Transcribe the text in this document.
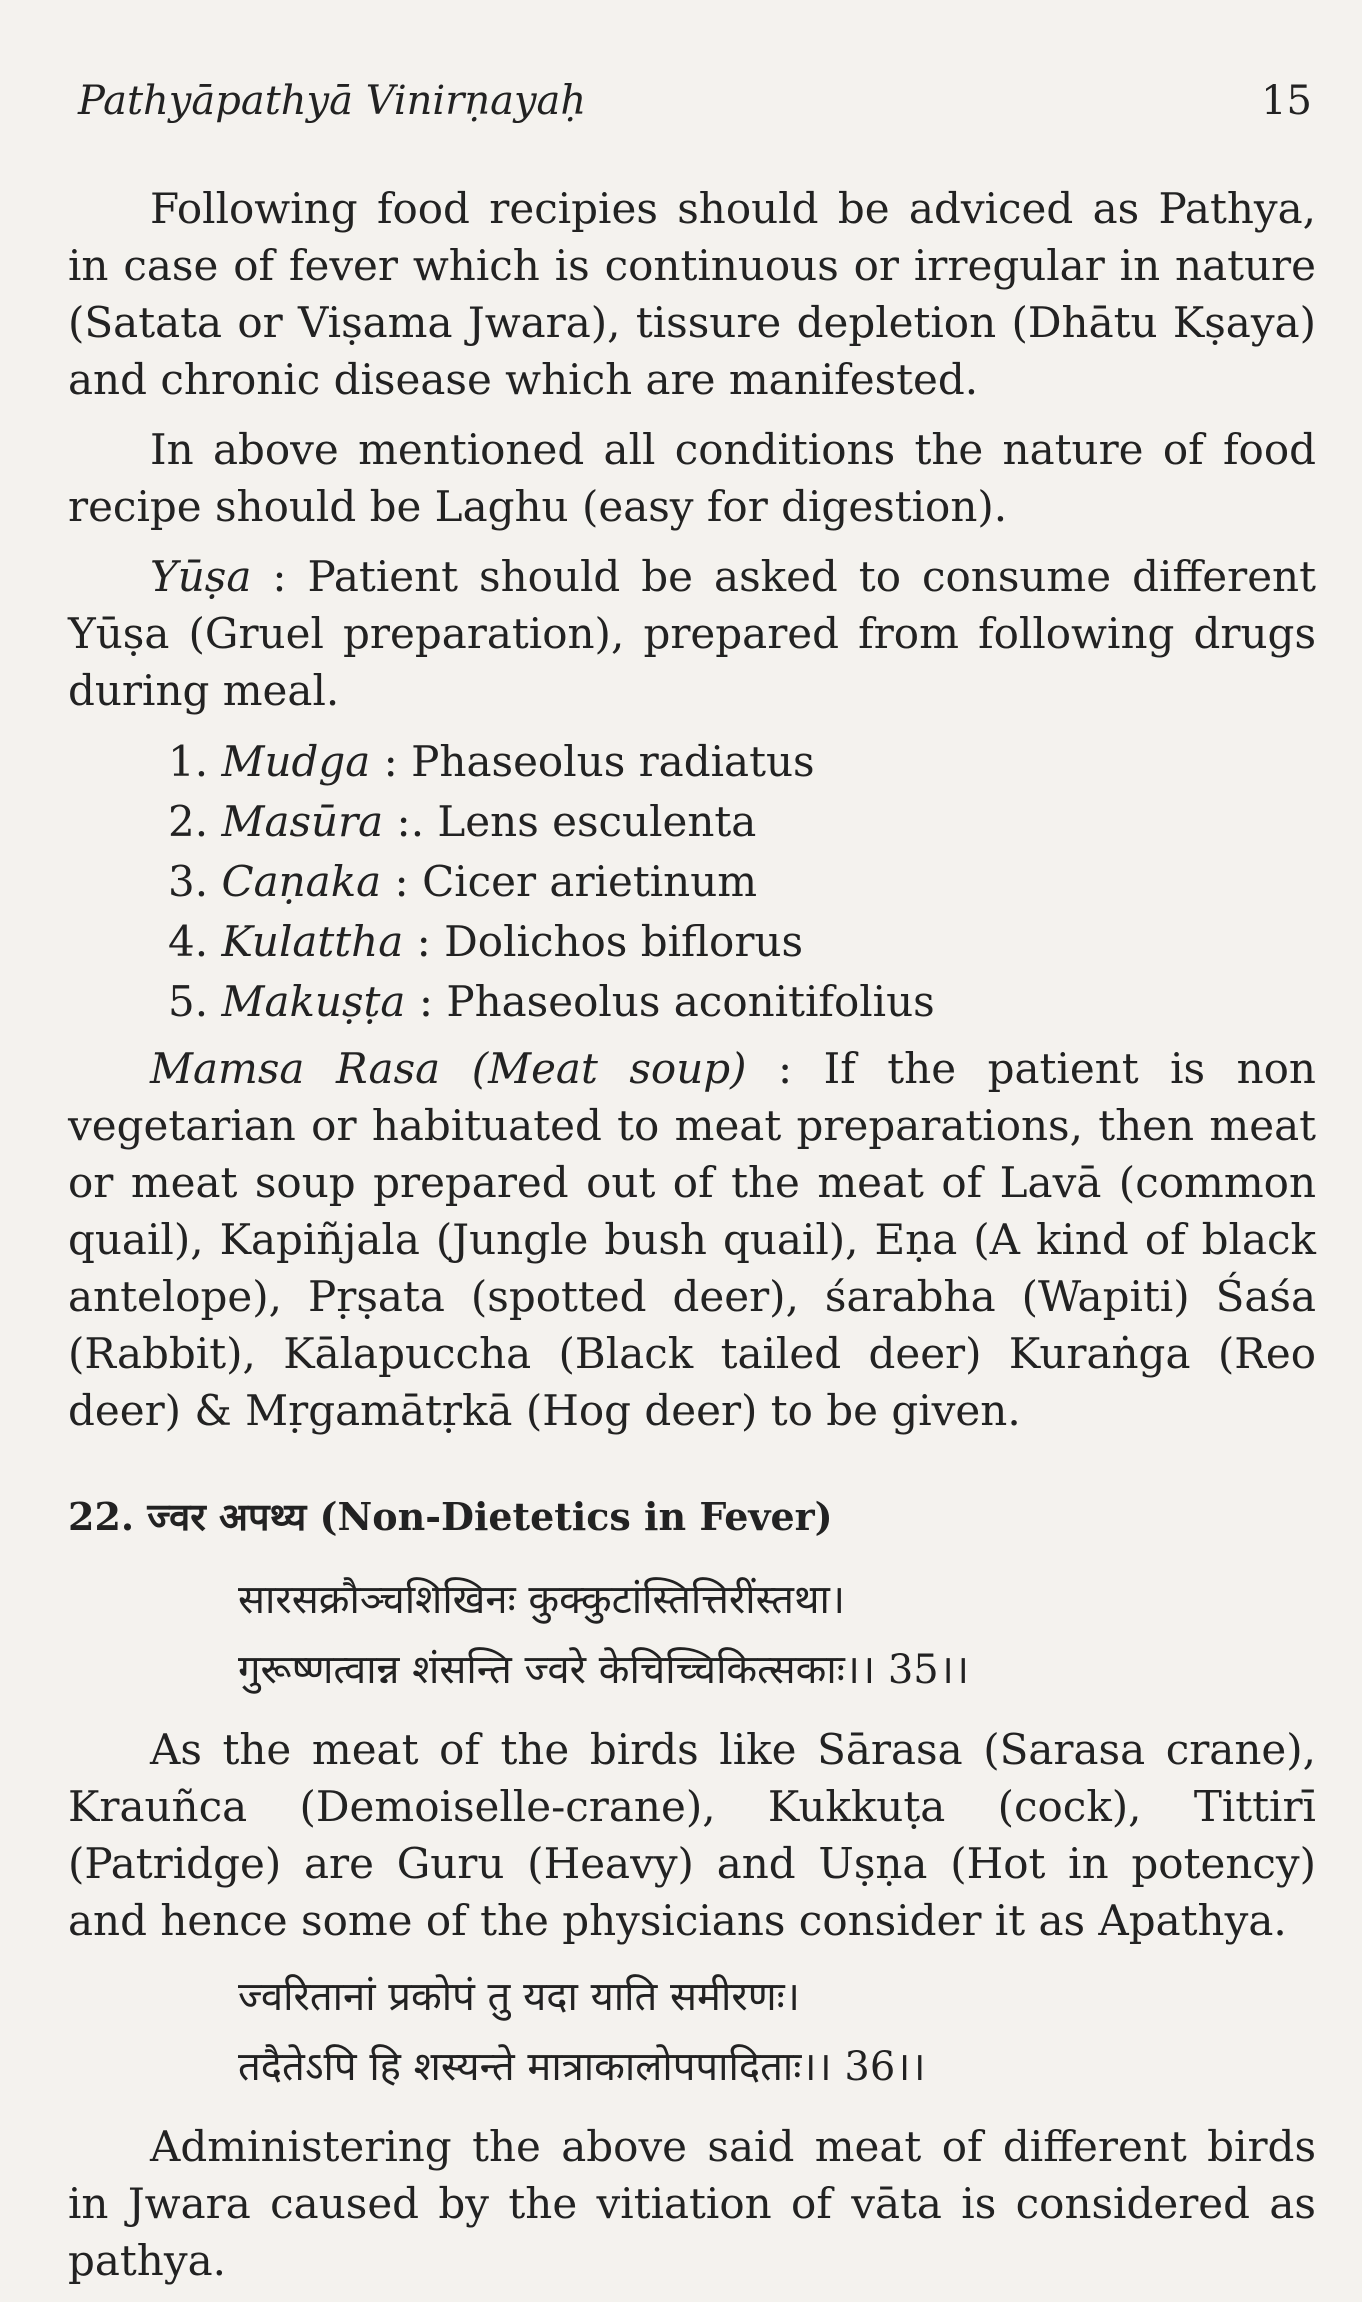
Pathyāpathyā Vinirṇayaḥ	15

Following food recipies should be adviced as Pathya, in case of fever which is continuous or irregular in nature (Satata or Viṣama Jwara), tissure depletion (Dhātu Kṣaya) and chronic disease which are manifested.

In above mentioned all conditions the nature of food recipe should be Laghu (easy for digestion).

Yūṣa : Patient should be asked to consume different Yūṣa (Gruel preparation), prepared from following drugs during meal.

1. Mudga : Phaseolus radiatus
2. Masūra :. Lens esculenta
3. Caṇaka : Cicer arietinum
4. Kulattha : Dolichos biflorus
5. Makuṣṭa : Phaseolus aconitifolius

Mamsa Rasa (Meat soup) : If the patient is non vegetarian or habituated to meat preparations, then meat or meat soup prepared out of the meat of Lavā (common quail), Kapiñjala (Jungle bush quail), Eṇa (A kind of black antelope), Pṛṣata (spotted deer), śarabha (Wapiti) Śaśa (Rabbit), Kālapuccha (Black tailed deer) Kuraṅga (Reo deer) & Mṛgamātṛkā (Hog deer) to be given.

22. ज्वर अपथ्य (Non-Dietetics in Fever)
सारसक्रौञ्चशिखिनः कुक्कुटांस्तित्तिरींस्तथा।
गुरूष्णत्वान्न शंसन्ति ज्वरे केचिच्चिकित्सकाः।। 35।।

As the meat of the birds like Sārasa (Sarasa crane), Krauñca (Demoiselle-crane), Kukkuṭa (cock), Tittirī (Patridge) are Guru (Heavy) and Uṣṇa (Hot in potency) and hence some of the physicians consider it as Apathya.

ज्वरितानां प्रकोपं तु यदा याति समीरणः।
तदैतेऽपि हि शस्यन्ते मात्राकालोपपादिताः।। 36।।

Administering the above said meat of different birds in Jwara caused by the vitiation of vāta is considered as pathya.
